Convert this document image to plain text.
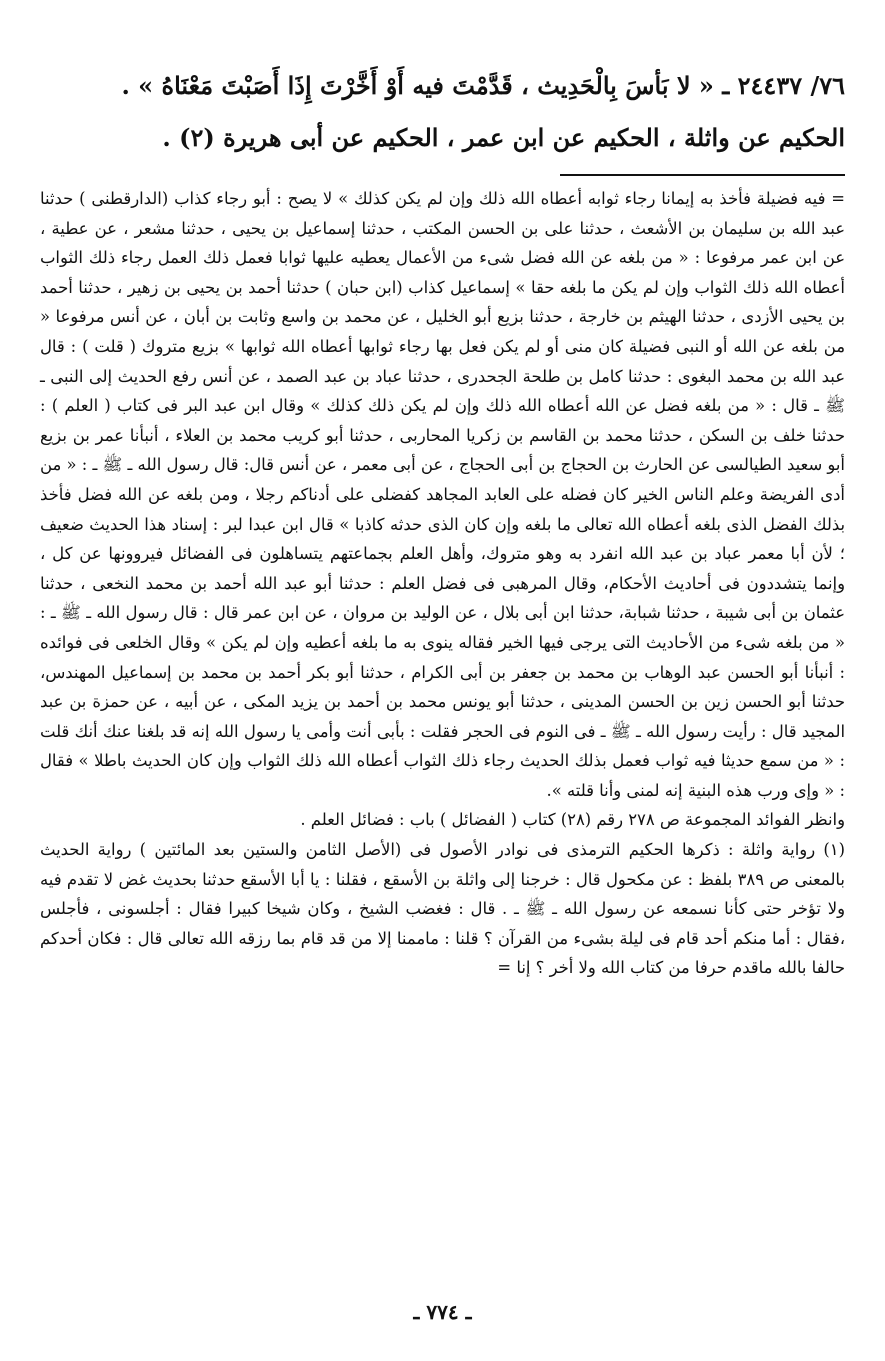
٧٦/ ٢٤٤٣٧ ـ « لا بَأسَ بِالْحَدِيث ، قَدَّمْتَ فيه أَوْ أَخَّرْتَ إِذَا أَصَبْتَ مَعْنَاهُ » .

الحكيم عن واثلة ، الحكيم عن ابن عمر ، الحكيم عن أبى هريرة (٢) .

= فيه فضيلة فأخذ به إيمانا رجاء ثوابه أعطاه الله ذلك وإن لم يكن كذلك » لا يصح : أبو رجاء كذاب (الدارقطنى ) حدثنا عبد الله بن سليمان بن الأشعث ، حدثنا على بن الحسن المكتب ، حدثنا إسماعيل بن يحيى ، حدثنا مشعر ، عن عطية ، عن ابن عمر مرفوعا : « من بلغه عن الله فضل شىء من الأعمال يعطيه عليها ثوابا فعمل ذلك العمل رجاء ذلك الثواب أعطاه الله ذلك الثواب وإن لم يكن ما بلغه حقا » إسماعيل كذاب (ابن حبان ) حدثنا أحمد بن يحيى بن زهير ، حدثنا أحمد بن يحيى الأزدى ، حدثنا الهيثم بن خارجة ، حدثنا بزيع أبو الخليل ، عن محمد بن واسع وثابت بن أبان ، عن أنس مرفوعا « من بلغه عن الله أو النبى فضيلة كان منى أو لم يكن فعل بها رجاء ثوابها أعطاه الله ثوابها » بزيع متروك ( قلت ) : قال عبد الله بن محمد البغوى : حدثنا كامل بن طلحة الجحدرى ، حدثنا عباد بن عبد الصمد ، عن أنس رفع الحديث إلى النبى ـ ﷺ ـ قال : « من بلغه فضل عن الله أعطاه الله ذلك وإن لم يكن ذلك كذلك » وقال ابن عبد البر فى كتاب ( العلم ) : حدثنا خلف بن السكن ، حدثنا محمد بن القاسم بن زكريا المحاربى ، حدثنا أبو كريب محمد بن العلاء ، أنبأنا عمر بن بزيع أبو سعيد الطيالسى عن الحارث بن الحجاج بن أبى الحجاج ، عن أبى معمر ، عن أنس قال: قال رسول الله ـ ﷺ ـ : « من أدى الفريضة وعلم الناس الخير كان فضله على العابد المجاهد كفضلى على أدناكم رجلا ، ومن بلغه عن الله فضل فأخذ بذلك الفضل الذى بلغه أعطاه الله تعالى ما بلغه وإن كان الذى حدثه كاذبا » قال ابن عبدا لبر : إسناد هذا الحديث ضعيف ؛ لأن أبا معمر عباد بن عبد الله انفرد به وهو متروك، وأهل العلم بجماعتهم يتساهلون فى الفضائل فيروونها عن كل ، وإنما يتشددون فى أحاديث الأحكام، وقال المرهبى فى فضل العلم : حدثنا أبو عبد الله أحمد بن محمد النخعى ، حدثنا عثمان بن أبى شيبة ، حدثنا شبابة، حدثنا ابن أبى بلال ، عن الوليد بن مروان ، عن ابن عمر قال : قال رسول الله ـ ﷺ ـ : « من بلغه شىء من الأحاديث التى يرجى فيها الخير فقاله ينوى به ما بلغه أعطيه وإن لم يكن » وقال الخلعى فى فوائده : أنبأنا أبو الحسن عبد الوهاب بن محمد بن جعفر بن أبى الكرام ، حدثنا أبو بكر أحمد بن محمد بن إسماعيل المهندس، حدثنا أبو الحسن زين بن الحسن المدينى ، حدثنا أبو يونس محمد بن أحمد بن يزيد المكى ، عن أبيه ، عن حمزة بن عبد المجيد قال : رأيت رسول الله ـ ﷺ ـ فى النوم فى الحجر فقلت : بأبى أنت وأمى يا رسول الله إنه قد بلغنا عنك أنك قلت : « من سمع حديثا فيه ثواب فعمل بذلك الحديث رجاء ذلك الثواب أعطاه الله ذلك الثواب وإن كان الحديث باطلا » فقال : « وإى ورب هذه البنية إنه لمنى وأنا قلته ».

وانظر الفوائد المجموعة ص ٢٧٨ رقم (٢٨) كتاب ( الفضائل ) باب : فضائل العلم .

(١) رواية واثلة : ذكرها الحكيم الترمذى فى نوادر الأصول فى (الأصل الثامن والستين بعد المائتين ) رواية الحديث بالمعنى ص ٣٨٩ بلفظ : عن مكحول قال : خرجنا إلى واثلة بن الأسقع ، فقلنا : يا أبا الأسقع حدثنا بحديث غض لا تقدم فيه ولا تؤخر حتى كأنا نسمعه عن رسول الله ـ ﷺ ـ . قال : فغضب الشيخ ، وكان شيخا كبيرا فقال : أجلسونى ، فأجلس ،فقال : أما منكم أحد قام فى ليلة بشىء من القرآن ؟ قلنا : ماممنا إلا من قد قام بما رزقه الله تعالى قال : فكان أحدكم حالفا بالله ماقدم حرفا من كتاب الله ولا أخر ؟ إنا =

ـ ٧٧٤ ـ
